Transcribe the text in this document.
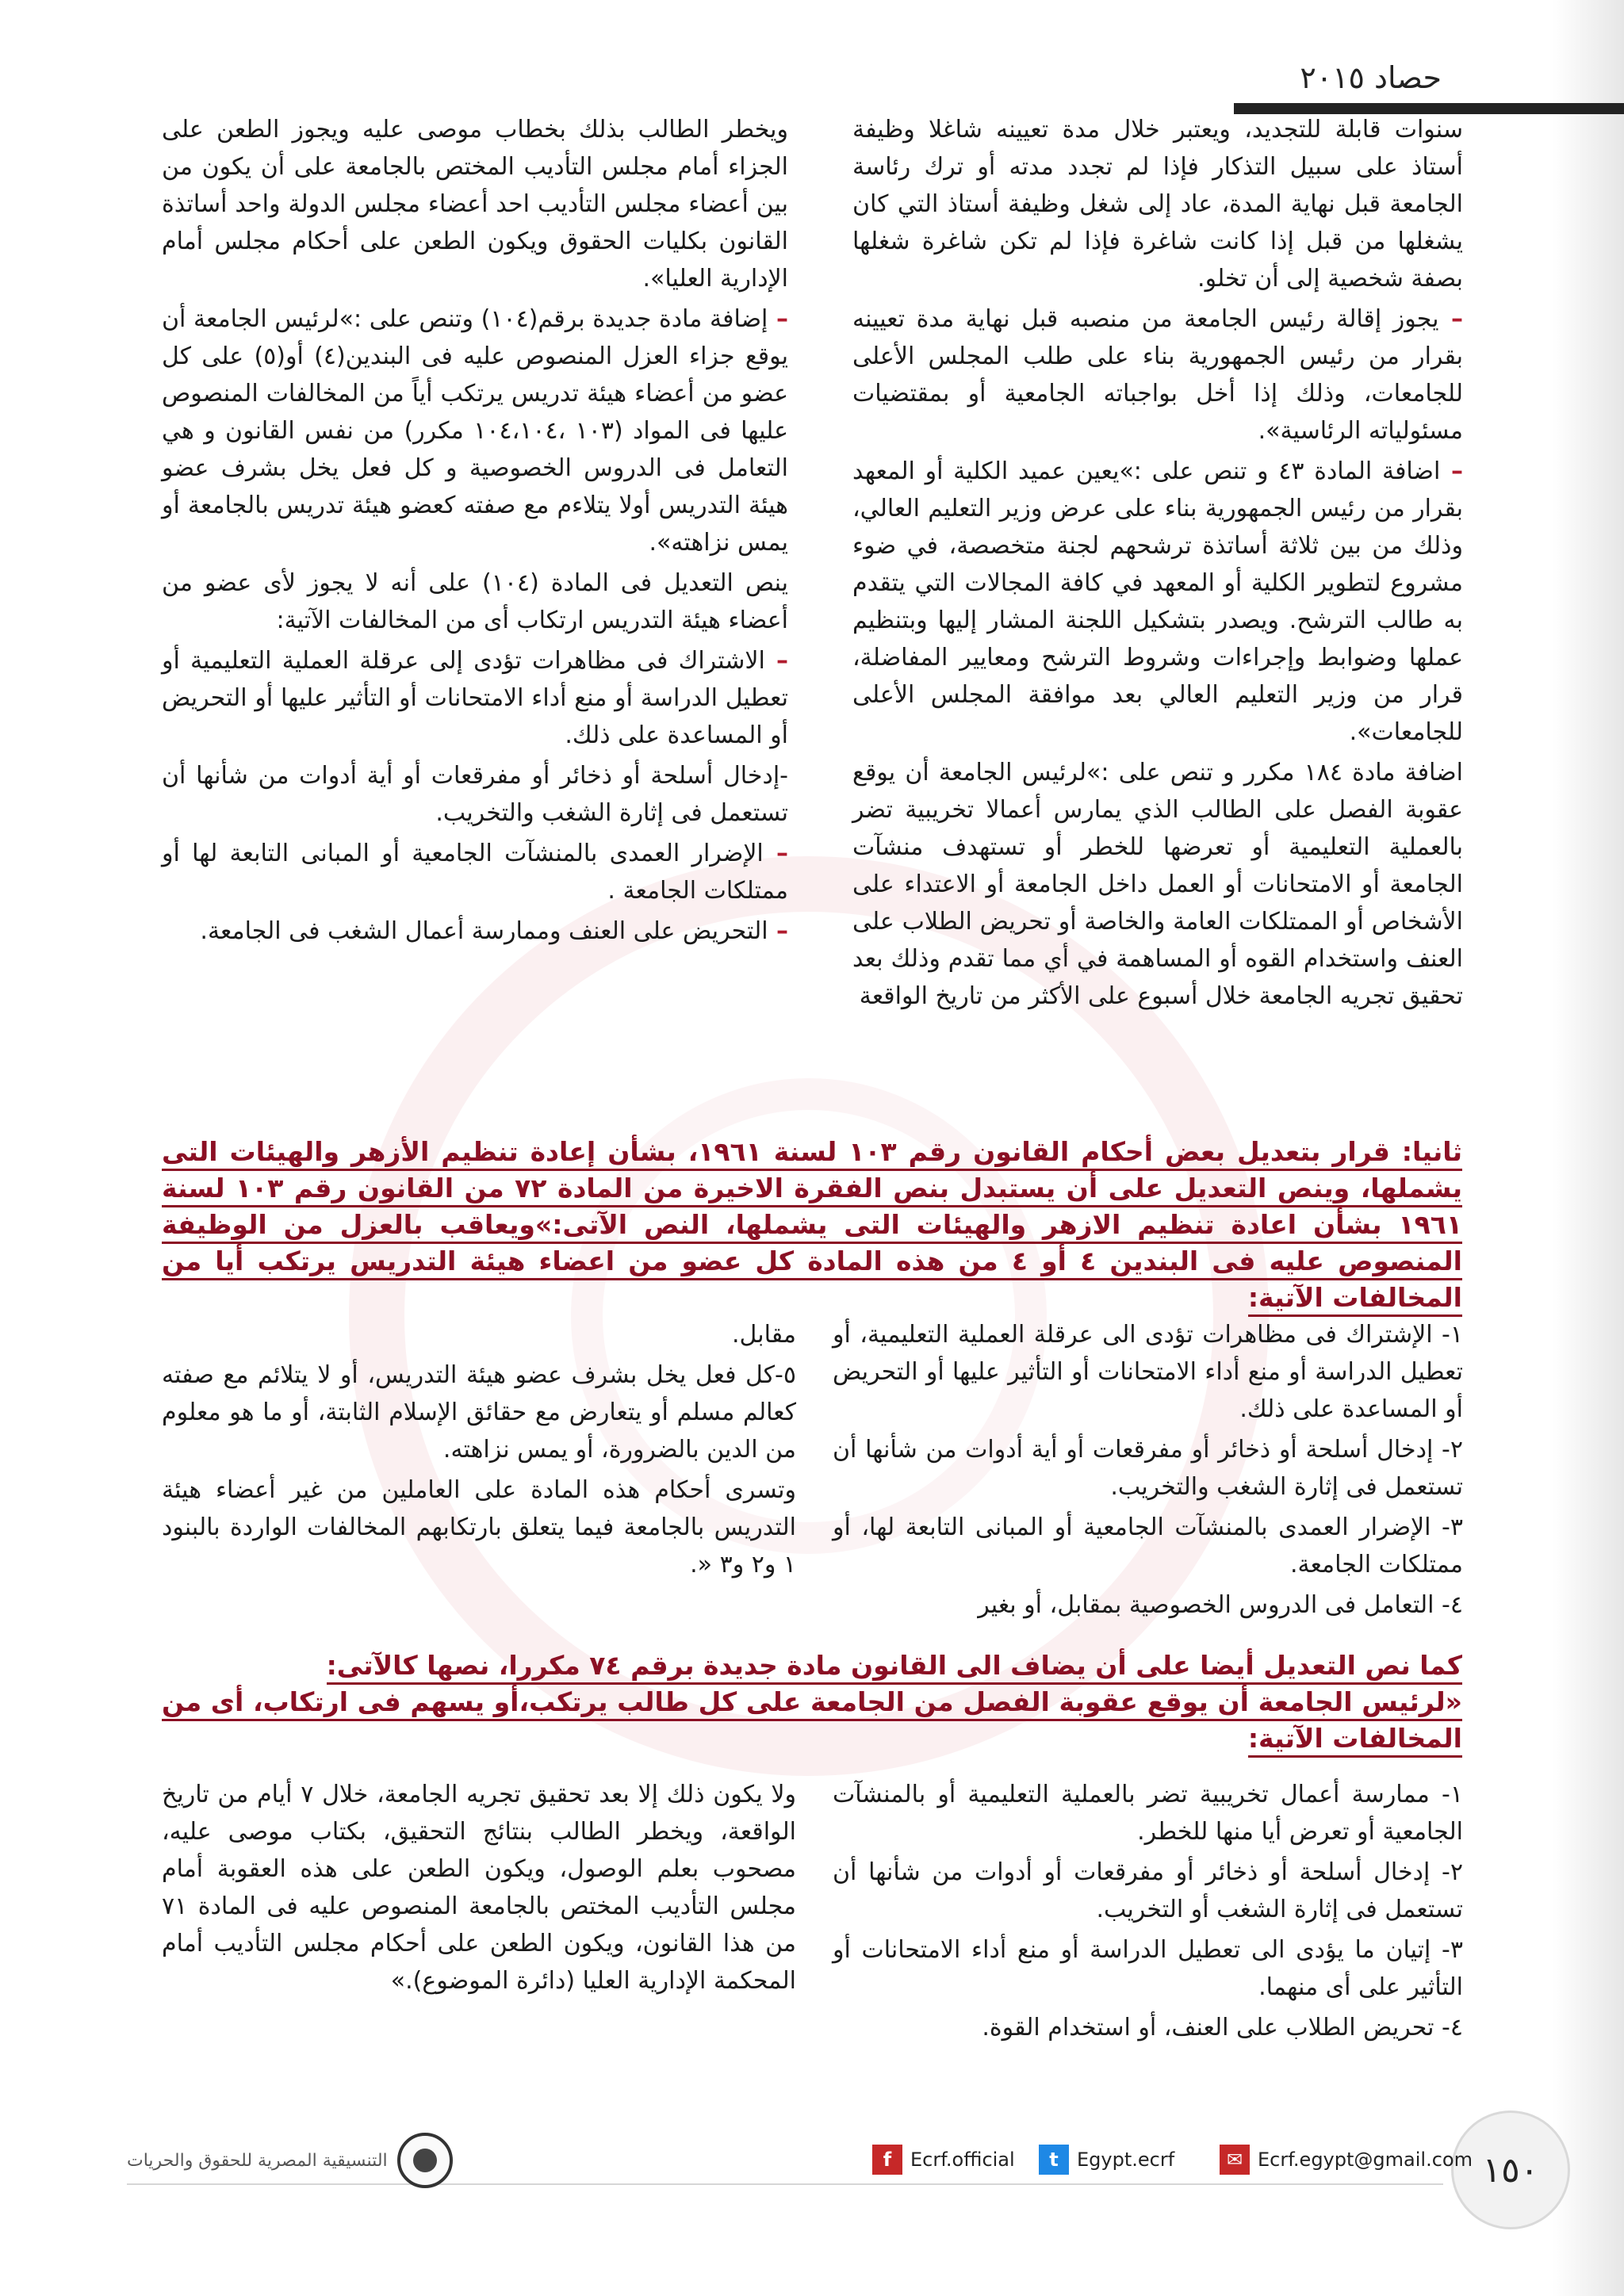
حصاد ٢٠١٥

سنوات قابلة للتجديد، ويعتبر خلال مدة تعيينه شاغلا وظيفة أستاذ على سبيل التذكار فإذا لم تجدد مدته أو ترك رئاسة الجامعة قبل نهاية المدة، عاد إلى شغل وظيفة أستاذ التي كان يشغلها من قبل إذا كانت شاغرة فإذا لم تكن شاغرة شغلها بصفة شخصية إلى أن تخلو.

– يجوز إقالة رئيس الجامعة من منصبه قبل نهاية مدة تعيينه بقرار من رئيس الجمهورية بناء على طلب المجلس الأعلى للجامعات، وذلك إذا أخل بواجباته الجامعية أو بمقتضيات مسئولياته الرئاسية».

– اضافة المادة ٤٣ و تنص على :»يعين عميد الكلية أو المعهد بقرار من رئيس الجمهورية بناء على عرض وزير التعليم العالي، وذلك من بين ثلاثة أساتذة ترشحهم لجنة متخصصة، في ضوء مشروع لتطوير الكلية أو المعهد في كافة المجالات التي يتقدم به طالب الترشح. ويصدر بتشكيل اللجنة المشار إليها وبتنظيم عملها وضوابط وإجراءات وشروط الترشح ومعايير المفاضلة، قرار من وزير التعليم العالي بعد موافقة المجلس الأعلى للجامعات».

اضافة مادة ١٨٤ مكرر و تنص على :»لرئيس الجامعة أن يوقع عقوبة الفصل على الطالب الذي يمارس أعمالا تخريبية تضر بالعملية التعليمية أو تعرضها للخطر أو تستهدف منشآت الجامعة أو الامتحانات أو العمل داخل الجامعة أو الاعتداء على الأشخاص أو الممتلكات العامة والخاصة أو تحريض الطلاب على العنف واستخدام القوه أو المساهمة في أي مما تقدم وذلك بعد تحقيق تجريه الجامعة خلال أسبوع على الأكثر من تاريخ الواقعة

ويخطر الطالب بذلك بخطاب موصى عليه ويجوز الطعن على الجزاء أمام مجلس التأديب المختص بالجامعة على أن يكون من بين أعضاء مجلس التأديب احد أعضاء مجلس الدولة واحد أساتذة القانون بكليات الحقوق ويكون الطعن على أحكام مجلس أمام الإدارية العليا».

– إضافة مادة جديدة برقم(١٠٤) وتنص على :»لرئيس الجامعة أن يوقع جزاء العزل المنصوص عليه فى البندين(٤) أو(٥) على كل عضو من أعضاء هيئة تدريس يرتكب أياً من المخالفات المنصوص عليها فى المواد (١٠٣ ،١٠٤،١٠٤ مكرر) من نفس القانون و هي التعامل فى الدروس الخصوصية و كل فعل يخل بشرف عضو هيئة التدريس أولا يتلاءم مع صفته كعضو هيئة تدريس بالجامعة أو يمس نزاهته».

ينص التعديل فى المادة (١٠٤) على أنه لا يجوز لأى عضو من أعضاء هيئة التدريس ارتكاب أى من المخالفات الآتية:

– الاشتراك فى مظاهرات تؤدى إلى عرقلة العملية التعليمية أو تعطيل الدراسة أو منع أداء الامتحانات أو التأثير عليها أو التحريض أو المساعدة على ذلك.

-إدخال أسلحة أو ذخائر أو مفرقعات أو أية أدوات من شأنها أن تستعمل فى إثارة الشغب والتخريب.

– الإضرار العمدى بالمنشآت الجامعية أو المبانى التابعة لها أو ممتلكات الجامعة .

– التحريض على العنف وممارسة أعمال الشغب فى الجامعة.

ثانيا: قرار بتعديل بعض أحكام القانون رقم ١٠٣ لسنة ١٩٦١، بشأن إعادة تنظيم الأزهر والهيئات التى يشملها، وينص التعديل على أن يستبدل بنص الفقرة الاخيرة من المادة ٧٢ من القانون رقم ١٠٣ لسنة ١٩٦١ بشأن اعادة تنظيم الازهر والهيئات التى يشملها، النص الآتى:»ويعاقب بالعزل من الوظيفة المنصوص عليه فى البندين ٤ أو ٤ من هذه المادة كل عضو من اعضاء هيئة التدريس يرتكب أيا من المخالفات الآتية:

١- الإشتراك فى مظاهرات تؤدى الى عرقلة العملية التعليمية، أو تعطيل الدراسة أو منع أداء الامتحانات أو التأثير عليها أو التحريض أو المساعدة على ذلك.

٢- إدخال أسلحة أو ذخائر أو مفرقعات أو أية أدوات من شأنها أن تستعمل فى إثارة الشغب والتخريب.

٣- الإضرار العمدى بالمنشآت الجامعية أو المبانى التابعة لها، أو ممتلكات الجامعة.

٤- التعامل فى الدروس الخصوصية بمقابل، أو بغير

مقابل.

٥-كل فعل يخل بشرف عضو هيئة التدريس، أو لا يتلائم مع صفته كعالم مسلم أو يتعارض مع حقائق الإسلام الثابتة، أو ما هو معلوم من الدين بالضرورة، أو يمس نزاهته.

وتسرى أحكام هذه المادة على العاملين من غير أعضاء هيئة التدريس بالجامعة فيما يتعلق بارتكابهم المخالفات الواردة بالبنود ١ و٢ و٣ «.

كما نص التعديل أيضا على أن يضاف الى القانون مادة جديدة برقم ٧٤ مكررا، نصها كالآتى:
«لرئيس الجامعة أن يوقع عقوبة الفصل من الجامعة على كل طالب يرتكب،أو يسهم فى ارتكاب، أى من المخالفات الآتية:

١- ممارسة أعمال تخريبية تضر بالعملية التعليمية أو بالمنشآت الجامعية أو تعرض أيا منها للخطر.

٢- إدخال أسلحة أو ذخائر أو مفرقعات أو أدوات من شأنها أن تستعمل فى إثارة الشغب أو التخريب.

٣- إتيان ما يؤدى الى تعطيل الدراسة أو منع أداء الامتحانات أو التأثير على أى منهما.

٤- تحريض الطلاب على العنف، أو استخدام القوة.

ولا يكون ذلك إلا بعد تحقيق تجريه الجامعة، خلال ٧ أيام من تاريخ الواقعة، ويخطر الطالب بنتائج التحقيق، بكتاب موصى عليه، مصحوب بعلم الوصول، ويكون الطعن على هذه العقوبة أمام مجلس التأديب المختص بالجامعة المنصوص عليه فى المادة ٧١ من هذا القانون، ويكون الطعن على أحكام مجلس التأديب أمام المحكمة الإدارية العليا (دائرة الموضوع).»

١٥٠
✉ Ecrf.egypt@gmail.com
t Egypt.ecrf
f Ecrf.official
التنسيقية المصرية للحقوق والحريات
